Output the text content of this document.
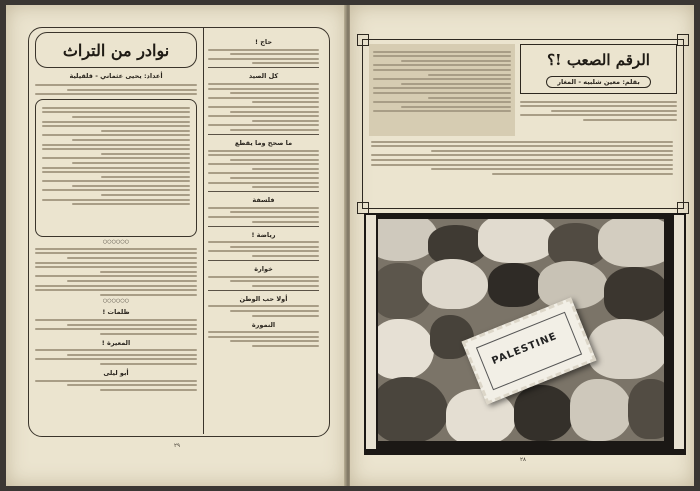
حاج !
كل الصيد
ما صحح وما يقطع
فلسفة
رياضة !
خوارة
أولا حب الوطن
النمورة
نوادر من التراث
أعداد: يحيى عثماني - قلقيلية
○○○○○○
○○○○○○
ظلمات !
المعيرة !
أبو ليلى
٢٩
الرقم الصعب !؟
بقلم: معين شلبيه - المغار
PALESTINE
٢٨
